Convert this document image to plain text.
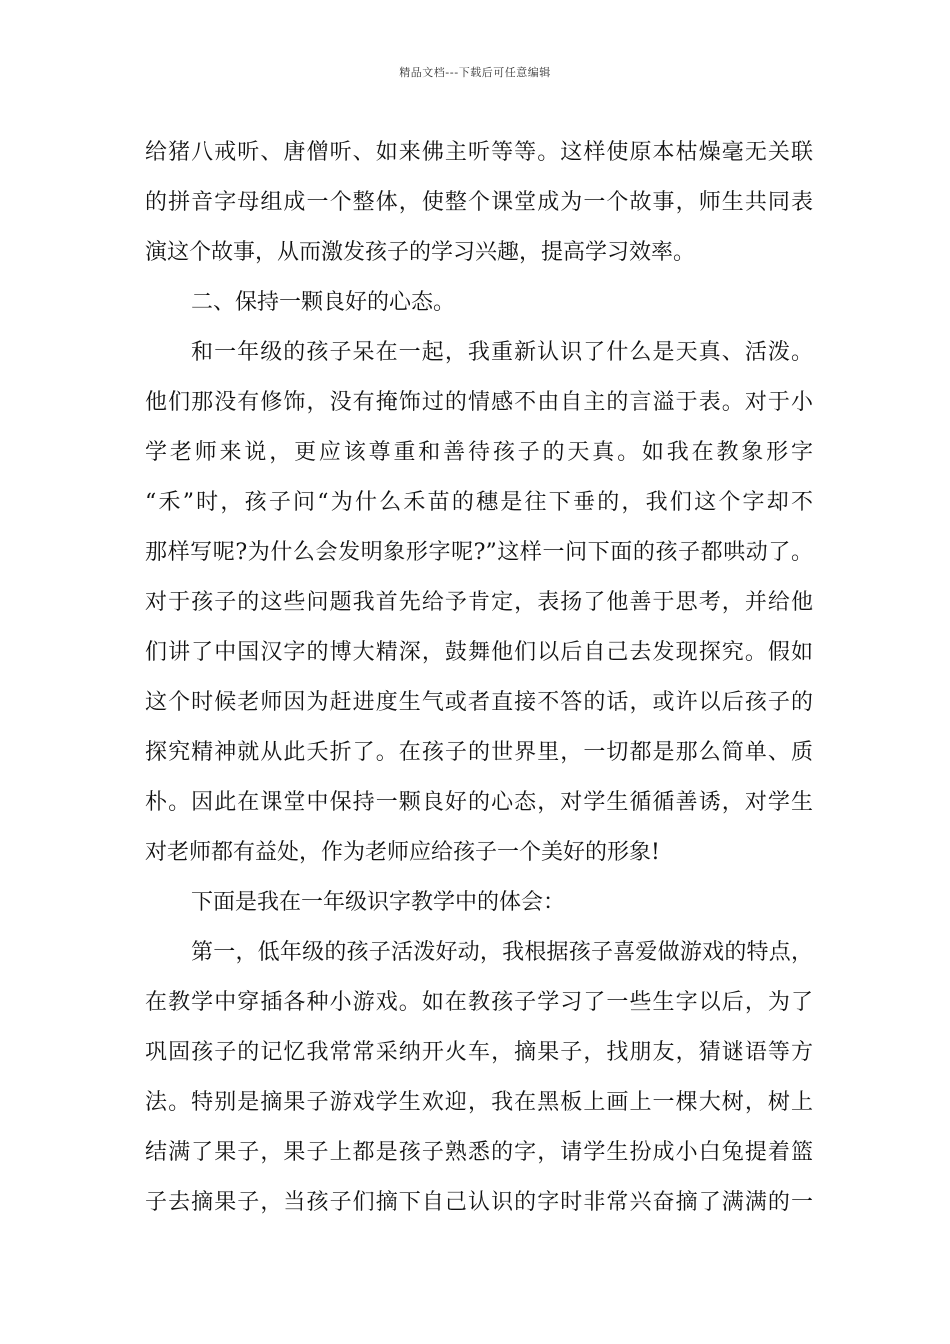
精品文档---下载后可任意编辑
给猪八戒听、唐僧听、如来佛主听等等。这样使原本枯燥毫无关联
的拼音字母组成一个整体，使整个课堂成为一个故事，师生共同表
演这个故事，从而激发孩子的学习兴趣，提高学习效率。
二、保持一颗良好的心态。
和一年级的孩子呆在一起，我重新认识了什么是天真、活泼。
他们那没有修饰，没有掩饰过的情感不由自主的言溢于表。对于小
学老师来说，更应该尊重和善待孩子的天真。如我在教象形字
“禾”时，孩子问“为什么禾苗的穗是往下垂的，我们这个字却不
那样写呢?为什么会发明象形字呢?”这样一问下面的孩子都哄动了。
对于孩子的这些问题我首先给予肯定，表扬了他善于思考，并给他
们讲了中国汉字的博大精深，鼓舞他们以后自己去发现探究。假如
这个时候老师因为赶进度生气或者直接不答的话，或许以后孩子的
探究精神就从此夭折了。在孩子的世界里，一切都是那么简单、质
朴。因此在课堂中保持一颗良好的心态，对学生循循善诱，对学生
对老师都有益处，作为老师应给孩子一个美好的形象!
下面是我在一年级识字教学中的体会：
第一，低年级的孩子活泼好动，我根据孩子喜爱做游戏的特点，
在教学中穿插各种小游戏。如在教孩子学习了一些生字以后，为了
巩固孩子的记忆我常常采纳开火车，摘果子，找朋友，猜谜语等方
法。特别是摘果子游戏学生欢迎，我在黑板上画上一棵大树，树上
结满了果子，果子上都是孩子熟悉的字，请学生扮成小白兔提着篮
子去摘果子，当孩子们摘下自己认识的字时非常兴奋摘了满满的一
